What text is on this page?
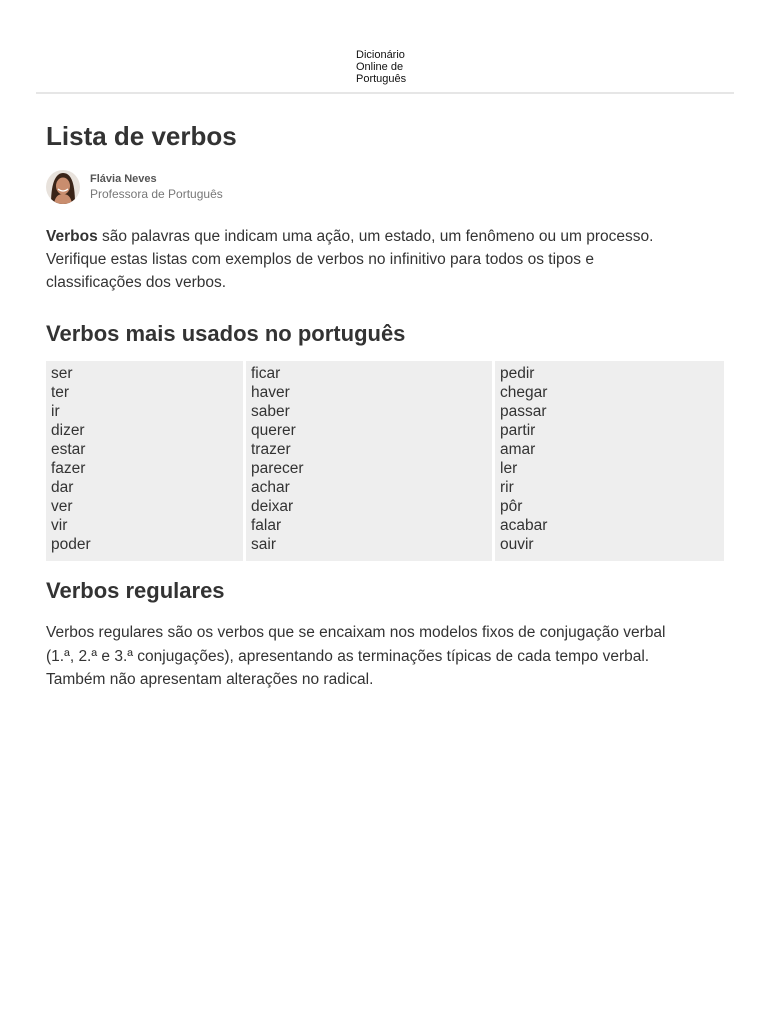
Dicionário
Online de
Português
Lista de verbos
Flávia Neves
Professora de Português

Verbos são palavras que indicam uma ação, um estado, um fenômeno ou um processo. Verifique estas listas com exemplos de verbos no infinitivo para todos os tipos e classificações dos verbos.

Verbos mais usados no português
ser
ter
ir
dizer
estar
fazer
dar
ver
vir
poder
ficar
haver
saber
querer
trazer
parecer
achar
deixar
falar
sair
pedir
chegar
passar
partir
amar
ler
rir
pôr
acabar
ouvir
Verbos regulares

Verbos regulares são os verbos que se encaixam nos modelos fixos de conjugação verbal (1.ª, 2.ª e 3.ª conjugações), apresentando as terminações típicas de cada tempo verbal. Também não apresentam alterações no radical.
